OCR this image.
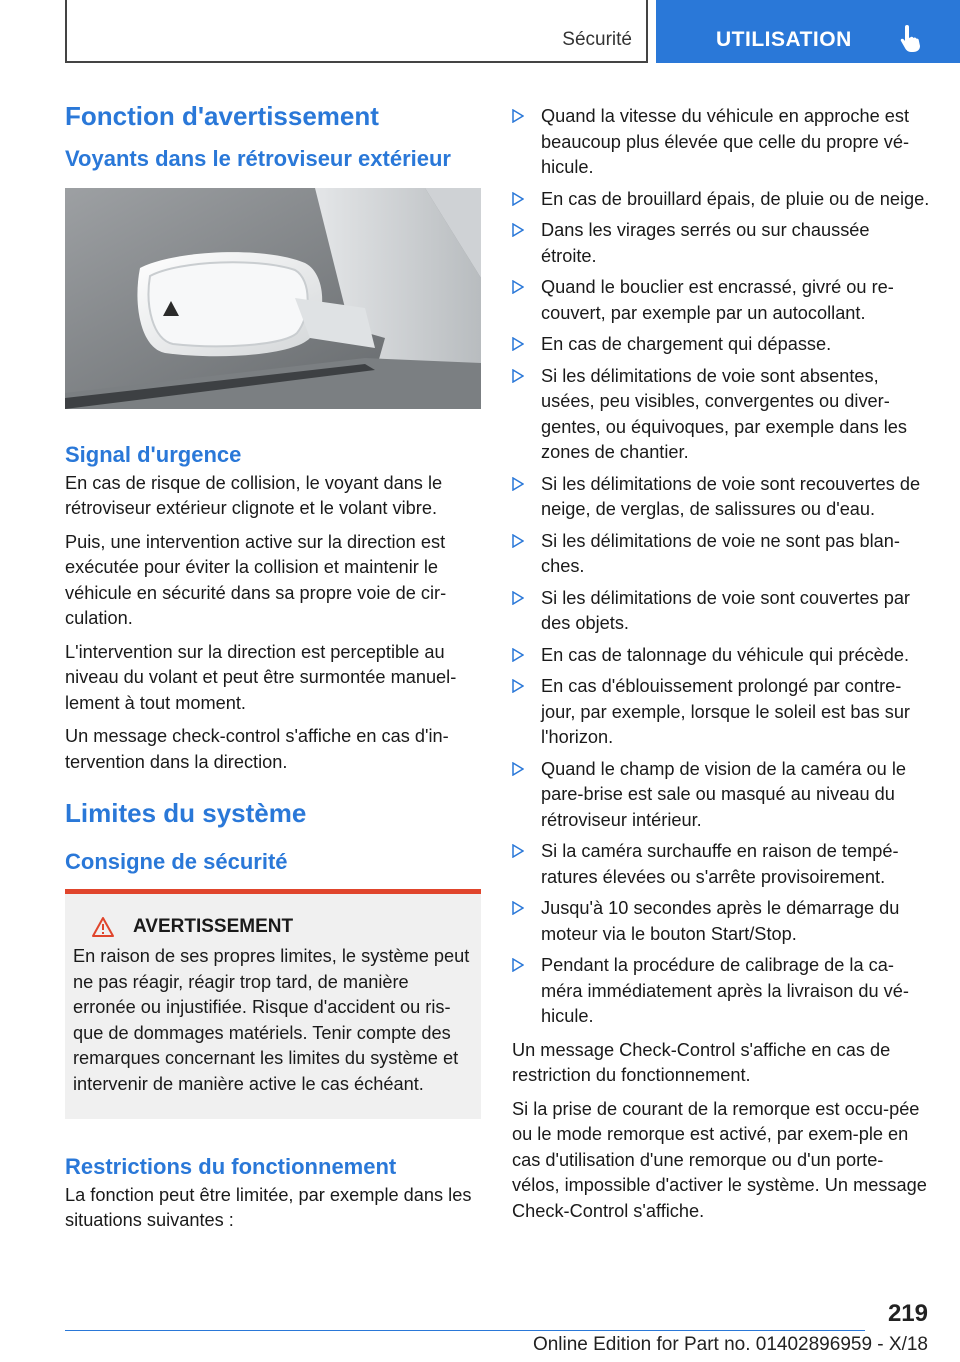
Sécurité	UTILISATION
Fonction d'avertissement
Voyants dans le rétroviseur extérieur
Signal d'urgence

En cas de risque de collision, le voyant dans le rétroviseur extérieur clignote et le volant vibre.

Puis, une intervention active sur la direction est exécutée pour éviter la collision et maintenir le véhicule en sécurité dans sa propre voie de cir-culation.

L'intervention sur la direction est perceptible au niveau du volant et peut être surmontée manuel-lement à tout moment.

Un message check-control s'affiche en cas d'in-tervention dans la direction.

Limites du système
Consigne de sécurité
AVERTISSEMENT

En raison de ses propres limites, le système peut ne pas réagir, réagir trop tard, de manière erronée ou injustifiée. Risque d'accident ou ris-que de dommages matériels. Tenir compte des remarques concernant les limites du système et intervenir de manière active le cas échéant.

Restrictions du fonctionnement

La fonction peut être limitée, par exemple dans les situations suivantes :

Quand la vitesse du véhicule en approche est beaucoup plus élevée que celle du propre vé-hicule.
En cas de brouillard épais, de pluie ou de neige.
Dans les virages serrés ou sur chaussée étroite.
Quand le bouclier est encrassé, givré ou re-couvert, par exemple par un autocollant.
En cas de chargement qui dépasse.
Si les délimitations de voie sont absentes, usées, peu visibles, convergentes ou diver-gentes, ou équivoques, par exemple dans les zones de chantier.
Si les délimitations de voie sont recouvertes de neige, de verglas, de salissures ou d'eau.
Si les délimitations de voie ne sont pas blan-ches.
Si les délimitations de voie sont couvertes par des objets.
En cas de talonnage du véhicule qui précède.
En cas d'éblouissement prolongé par contre-jour, par exemple, lorsque le soleil est bas sur l'horizon.
Quand le champ de vision de la caméra ou le pare-brise est sale ou masqué au niveau du rétroviseur intérieur.
Si la caméra surchauffe en raison de tempé-ratures élevées ou s'arrête provisoirement.
Jusqu'à 10 secondes après le démarrage du moteur via le bouton Start/Stop.
Pendant la procédure de calibrage de la ca-méra immédiatement après la livraison du vé-hicule.

Un message Check-Control s'affiche en cas de restriction du fonctionnement.

Si la prise de courant de la remorque est occu-pée ou le mode remorque est activé, par exem-ple en cas d'utilisation d'une remorque ou d'un porte-vélos, impossible d'activer le système. Un message Check-Control s'affiche.

219
Online Edition for Part no. 01402896959 - X/18
